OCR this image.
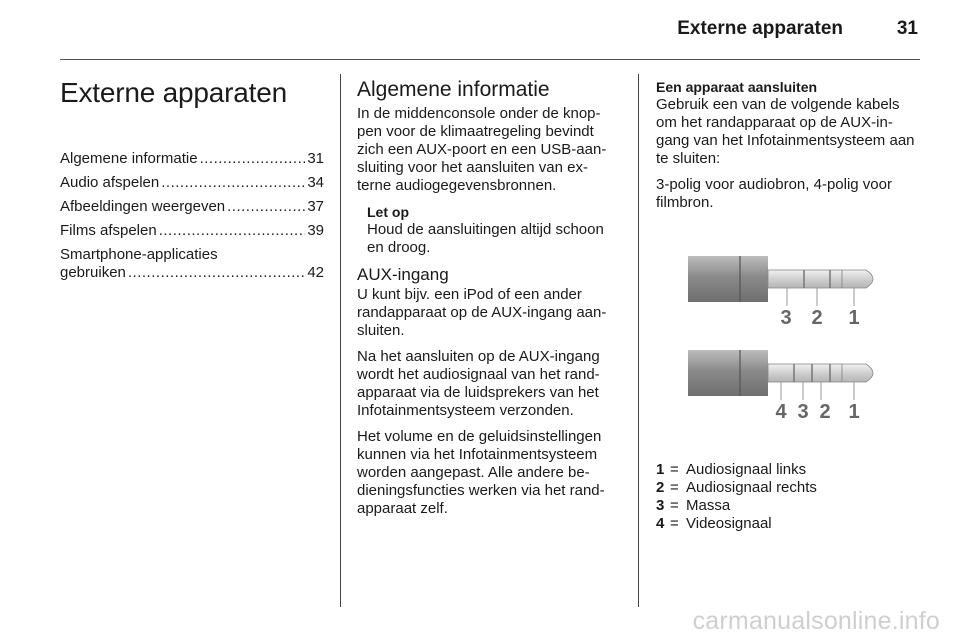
Externe apparaten	31
Externe apparaten
Algemene informatie .....	31
Audio afspelen .....	34
Afbeeldingen weergeven .....	37
Films afspelen .....	39
Smartphone-applicaties
gebruiken .....	42
Algemene informatie

In de middenconsole onder de knop-pen voor de klimaatregeling bevindt zich een AUX-poort en een USB-aan-sluiting voor het aansluiten van ex-terne audiogegevensbronnen.

Let op

Houd de aansluitingen altijd schoon en droog.

AUX-ingang

U kunt bijv. een iPod of een ander randapparaat op de AUX-ingang aan-sluiten.

Na het aansluiten op de AUX-ingang wordt het audiosignaal van het rand-apparaat via de luidsprekers van het Infotainmentsysteem verzonden.

Het volume en de geluidsinstellingen kunnen via het Infotainmentsysteem worden aangepast. Alle andere be-dieningsfuncties werken via het rand-apparaat zelf.

Een apparaat aansluiten

Gebruik een van de volgende kabels om het randapparaat op de AUX-in-gang van het Infotainmentsysteem aan te sluiten:

3-polig voor audiobron, 4-polig voor filmbron.

3 2 1
4 3 2 1
1 = Audiosignaal links
2 = Audiosignaal rechts
3 = Massa
4 = Videosignaal
carmanualsonline.info
